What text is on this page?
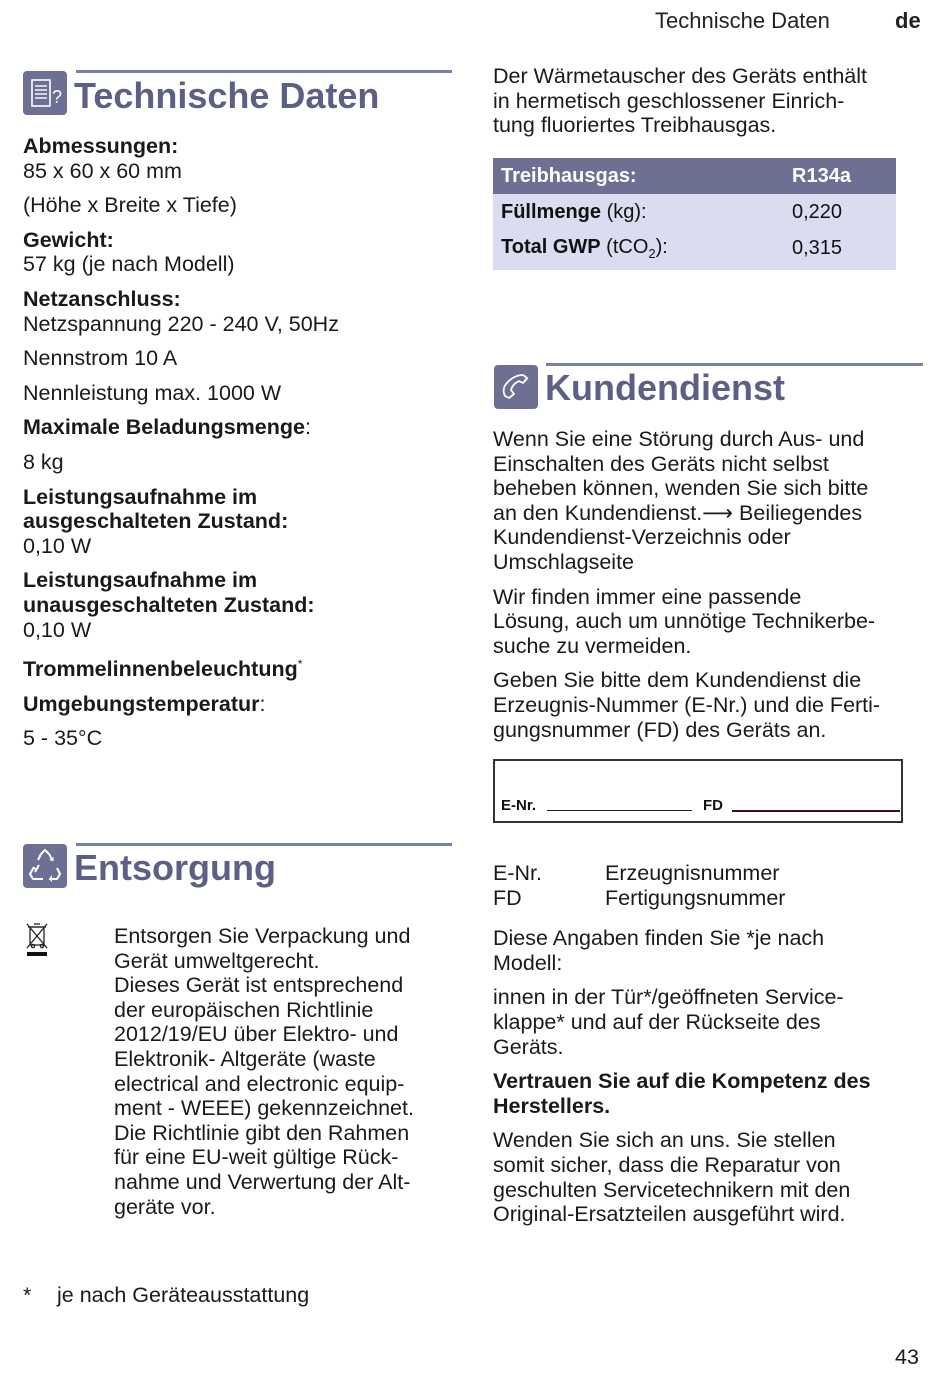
Technische Daten	de
? Technische Daten
Abmessungen:
85 x 60 x 60 mm
(Höhe x Breite x Tiefe)
Gewicht:
57 kg (je nach Modell)
Netzanschluss:
Netzspannung 220 - 240 V, 50Hz
Nennstrom 10 A
Nennleistung max. 1000 W
Maximale Beladungsmenge:
8 kg
Leistungsaufnahme im
ausgeschalteten Zustand:
0,10 W
Leistungsaufnahme im
unausgeschalteten Zustand:
0,10 W
Trommelinnenbeleuchtung*
Umgebungstemperatur:
5 - 35°C
Entsorgung
Entsorgen Sie Verpackung und
Gerät umweltgerecht.
Dieses Gerät ist entsprechend
der europäischen Richtlinie
2012/19/EU über Elektro- und
Elektronik- Altgeräte (waste
electrical and electronic equip-
ment - WEEE) gekennzeichnet.
Die Richtlinie gibt den Rahmen
für eine EU-weit gültige Rück-
nahme und Verwertung der Alt-
geräte vor.
* je nach Geräteausstattung
Der Wärmetauscher des Geräts enthält
in hermetisch geschlossener Einrich-
tung fluoriertes Treibhausgas.
Treibhausgas:	R134a
Füllmenge (kg):	0,220
Total GWP (tCO$_2$):	0,315
Kundendienst
Wenn Sie eine Störung durch Aus- und
Einschalten des Geräts nicht selbst
beheben können, wenden Sie sich bitte
an den Kundendienst.⟶ Beiliegendes
Kundendienst-Verzeichnis oder
Umschlagseite
Wir finden immer eine passende
Lösung, auch um unnötige Technikerbe-
suche zu vermeiden.
Geben Sie bitte dem Kundendienst die
Erzeugnis-Nummer (E-Nr.) und die Ferti-
gungsnummer (FD) des Geräts an.
E-Nr.	FD
E-Nr.	Erzeugnisnummer
FD	Fertigungsnummer
Diese Angaben finden Sie *je nach
Modell:
innen in der Tür*/geöffneten Service-
klappe* und auf der Rückseite des
Geräts.
Vertrauen Sie auf die Kompetenz des
Herstellers.
Wenden Sie sich an uns. Sie stellen
somit sicher, dass die Reparatur von
geschulten Servicetechnikern mit den
Original-Ersatzteilen ausgeführt wird.
43
